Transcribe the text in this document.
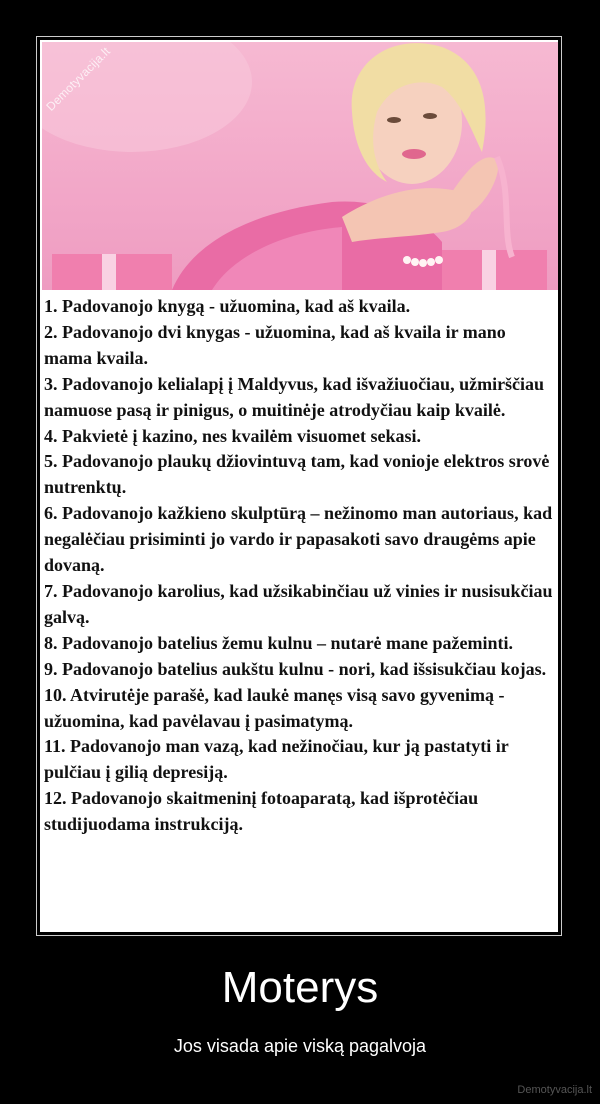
Demotyvacija.lt

1. Padovanojo knygą - užuomina, kad aš kvaila.

2. Padovanojo dvi knygas - užuomina, kad aš kvaila ir mano mama kvaila.

3. Padovanojo kelialapį į Maldyvus, kad išvažiuočiau, užmirščiau namuose pasą ir pinigus, o muitinėje atrodyčiau kaip kvailė.

4. Pakvietė į kazino, nes kvailėm visuomet sekasi.

5. Padovanojo plaukų džiovintuvą tam, kad vonioje elektros srovė nutrenktų.

6. Padovanojo kažkieno skulptūrą – nežinomo man autoriaus, kad negalėčiau prisiminti jo vardo ir papasakoti savo draugėms apie dovaną.

7. Padovanojo karolius, kad užsikabinčiau už vinies ir nusisukčiau galvą.

8. Padovanojo batelius žemu kulnu – nutarė mane pažeminti.

9. Padovanojo batelius aukštu kulnu - nori, kad išsisukčiau kojas.

10. Atvirutėje parašė, kad laukė manęs visą savo gyvenimą - užuomina, kad pavėlavau į pasimatymą.

11. Padovanojo man vazą, kad nežinočiau, kur ją pastatyti ir pulčiau į gilią depresiją.

12. Padovanojo skaitmeninį fotoaparatą, kad išprotėčiau studijuodama instrukciją.

Moterys
Jos visada apie viską pagalvoja
Demotyvacija.lt
